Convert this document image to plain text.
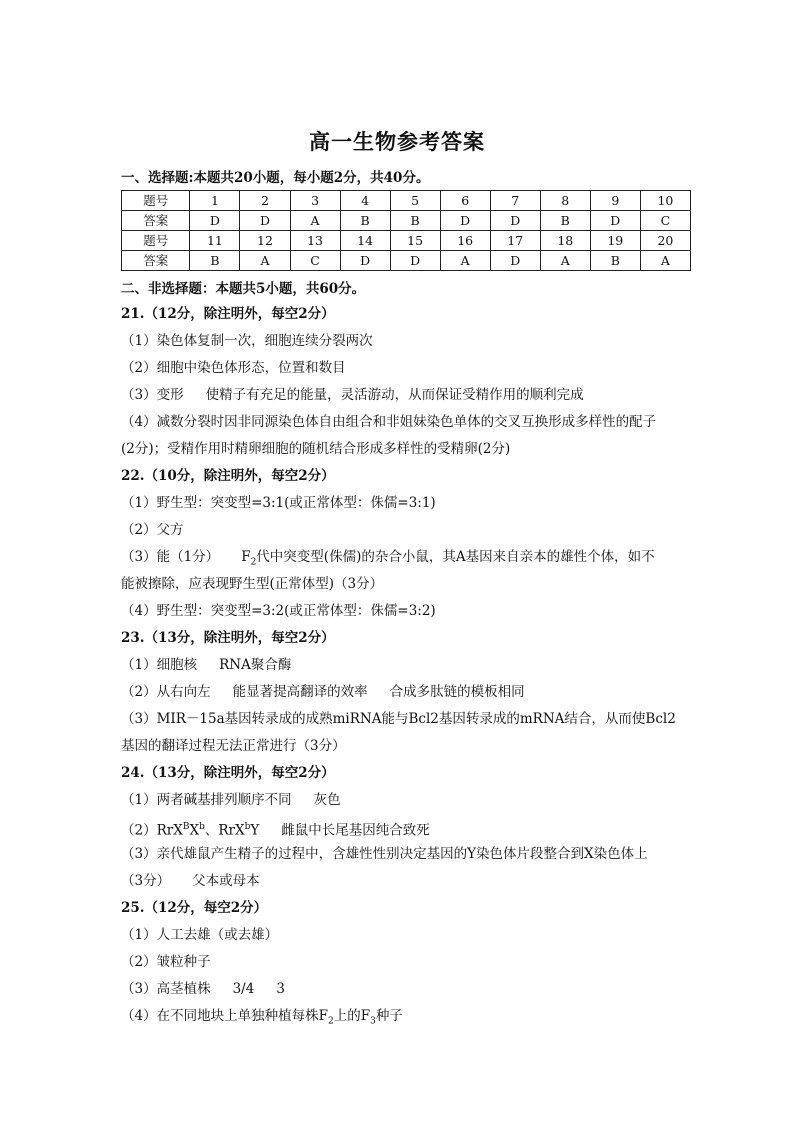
高一生物参考答案
一、选择题:本题共20小题，每小题2分，共40分。
题号	1	2	3	4	5	6	7	8	9	10
答案	D	D	A	B	B	D	D	B	D	C
题号	11	12	13	14	15	16	17	18	19	20
答案	B	A	C	D	D	A	D	A	B	A
二、非选择题：本题共5小题，共60分。
21.（12分，除注明外，每空2分）
（1）染色体复制一次，细胞连续分裂两次
（2）细胞中染色体形态，位置和数目
（3）变形 使精子有充足的能量，灵活游动，从而保证受精作用的顺利完成
（4）减数分裂时因非同源染色体自由组合和非姐妹染色单体的交叉互换形成多样性的配子
(2分)；受精作用时精卵细胞的随机结合形成多样性的受精卵(2分)
22.（10分，除注明外，每空2分）
（1）野生型：突变型=3:1(或正常体型：侏儒=3:1)
（2）父方
（3）能（1分） $F_2$代中突变型(侏儒)的杂合小鼠，其A基因来自亲本的雄性个体，如不
能被擦除，应表现野生型(正常体型)（3分）
（4）野生型：突变型=3:2(或正常体型：侏儒=3:2)
23.（13分，除注明外，每空2分）
（1）细胞核 RNA聚合酶
（2）从右向左 能显著提高翻译的效率 合成多肽链的模板相同
（3）MIR－15a基因转录成的成熟miRNA能与Bcl2基因转录成的mRNA结合，从而使Bcl2
基因的翻译过程无法正常进行（3分）
24.（13分，除注明外，每空2分）
（1）两者碱基排列顺序不同 灰色
$(2)RrX^BX^b$、RrX$^b$Y 雌鼠中长尾基因纯合致死
（3）亲代雄鼠产生精子的过程中，含雄性性别决定基因的Y染色体片段整合到X染色体上
（3分） 父本或母本
25.（12分，每空2分）
（1）人工去雄（或去雄）
（2）皱粒种子
（3）高茎植株 3/4 3
（4）在不同地块上单独种植每株$F_2$上的$F_3$种子
